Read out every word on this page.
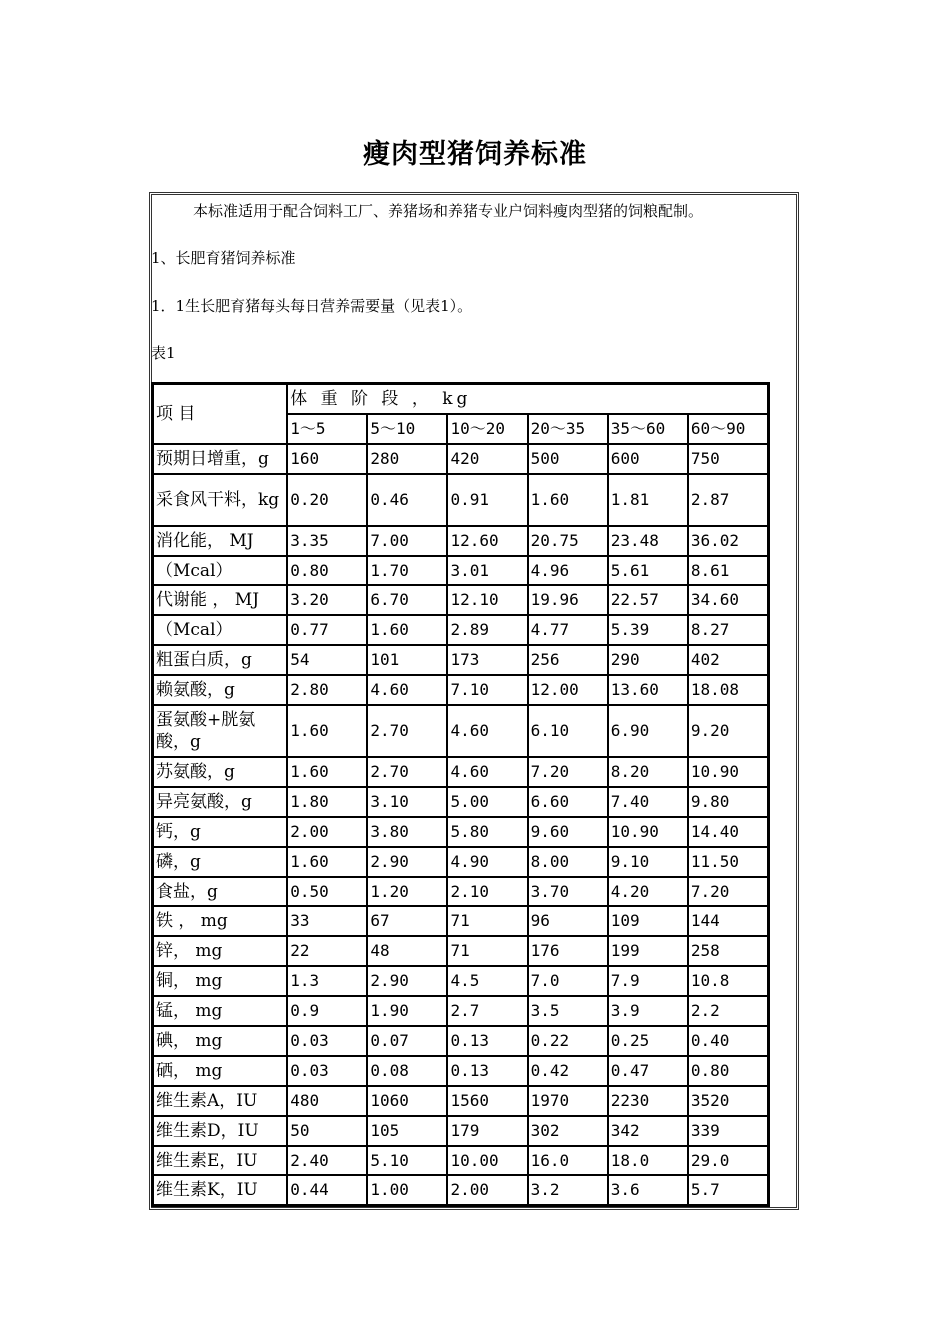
瘦肉型猪饲养标准
本标准适用于配合饲料工厂、养猪场和养猪专业户饲料瘦肉型猪的饲粮配制。
1、长肥育猪饲养标准
1．1生长肥育猪每头每日营养需要量（见表1）。
表1
项 目	体 重 阶 段 ， kg					
	1～5	5～10	10～20	20～35	35～60	60～90
预期日增重，g	160	280	420	500	600	750
采食风干料，kg	0.20	0.46	0.91	1.60	1.81	2.87
消化能， MJ	3.35	7.00	12.60	20.75	23.48	36.02
（Mcal）	0.80	1.70	3.01	4.96	5.61	8.61
代谢能 ， MJ	3.20	6.70	12.10	19.96	22.57	34.60
（Mcal）	0.77	1.60	2.89	4.77	5.39	8.27
粗蛋白质，g	54	101	173	256	290	402
赖氨酸，g	2.80	4.60	7.10	12.00	13.60	18.08
蛋氨酸+胱氨酸，g	1.60	2.70	4.60	6.10	6.90	9.20
苏氨酸，g	1.60	2.70	4.60	7.20	8.20	10.90
异亮氨酸，g	1.80	3.10	5.00	6.60	7.40	9.80
钙，g	2.00	3.80	5.80	9.60	10.90	14.40
磷，g	1.60	2.90	4.90	8.00	9.10	11.50
食盐，g	0.50	1.20	2.10	3.70	4.20	7.20
铁 ， mg	33	67	71	96	109	144
锌， mg	22	48	71	176	199	258
铜， mg	1.3	2.90	4.5	7.0	7.9	10.8
锰， mg	0.9	1.90	2.7	3.5	3.9	2.2
碘， mg	0.03	0.07	0.13	0.22	0.25	0.40
硒， mg	0.03	0.08	0.13	0.42	0.47	0.80
维生素A，IU	480	1060	1560	1970	2230	3520
维生素D，IU	50	105	179	302	342	339
维生素E，IU	2.40	5.10	10.00	16.0	18.0	29.0
维生素K，IU	0.44	1.00	2.00	3.2	3.6	5.7
